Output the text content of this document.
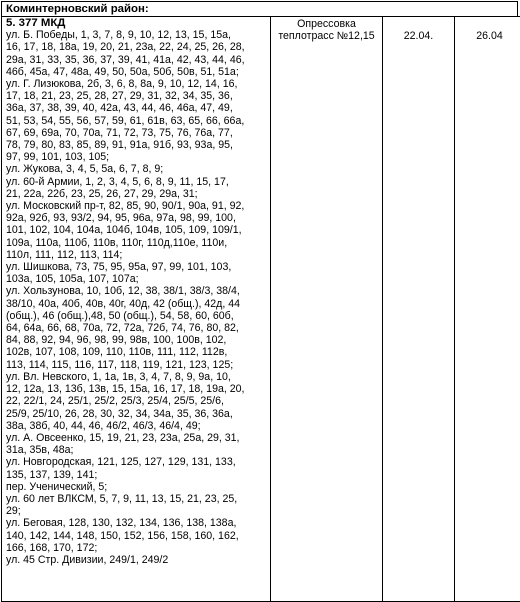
Коминтерновский район:
5. 377 МКД
ул. Б. Победы, 1, 3, 7, 8, 9, 10, 12, 13, 15, 15а,
16, 17, 18, 18а, 19, 20, 21, 23а, 22, 24, 25, 26, 28,
29а, 31, 33, 35, 36, 37, 39, 41, 41а, 42, 43, 44, 46,
46б, 45а, 47, 48а, 49, 50, 50а, 50б, 50в, 51, 51а;
ул. Г. Лизюкова, 2б, 3, 6, 8, 8а, 9, 10, 12, 14, 16,
17, 18, 21, 23, 25, 28, 27, 29, 31, 32, 34, 35, 36,
36а, 37, 38, 39, 40, 42а, 43, 44, 46, 46а, 47, 49,
51, 53, 54, 55, 56, 57, 59, 61, 61в, 63, 65, 66, 66а,
67, 69, 69а, 70, 70а, 71, 72, 73, 75, 76, 76а, 77,
78, 79, 80, 83, 85, 89, 91, 91а, 91б, 93, 93а, 95,
97, 99, 101, 103, 105;
ул. Жукова, 3, 4, 5, 5а, 6, 7, 8, 9;
ул. 60-й Армии, 1, 2, 3, 4, 5, 6, 8, 9, 11, 15, 17,
21, 22а, 22б, 23, 25, 26, 27, 29, 29а, 31;
ул. Московский пр-т, 82, 85, 90, 90/1, 90а, 91, 92,
92а, 92б, 93, 93/2, 94, 95, 96а, 97а, 98, 99, 100,
101, 102, 104, 104а, 104б, 104в, 105, 109, 109/1,
109а, 110а, 110б, 110в, 110г, 110д,110е, 110и,
110л, 111, 112, 113, 114;
ул. Шишкова, 73, 75, 95, 95а, 97, 99, 101, 103,
103а, 105, 105а, 107, 107а;
ул. Хользунова, 10, 10б, 12, 38, 38/1, 38/3, 38/4,
38/10, 40а, 40б, 40в, 40г, 40д, 42 (общ.), 42д, 44
(общ.), 46 (общ.),48, 50 (общ.), 54, 58, 60, 60б,
64, 64а, 66, 68, 70а, 72, 72а, 72б, 74, 76, 80, 82,
84, 88, 92, 94, 96, 98, 99, 98в, 100, 100в, 102,
102в, 107, 108, 109, 110, 110в, 111, 112, 112в,
113, 114, 115, 116, 117, 118, 119, 121, 123, 125;
ул. Вл. Невского, 1, 1а, 1в, 3, 4, 7, 8, 9, 9а, 10,
12, 12а, 13, 13б, 13в, 15, 15а, 16, 17, 18, 19а, 20,
22, 22/1, 24, 25/1, 25/2, 25/3, 25/4, 25/5, 25/6,
25/9, 25/10, 26, 28, 30, 32, 34, 34а, 35, 36, 36а,
38а, 38б, 40, 44, 46, 46/2, 46/3, 46/4, 49;
ул. А. Овсеенко, 15, 19, 21, 23, 23а, 25а, 29, 31,
31а, 35в, 48а;
ул. Новгородская, 121, 125, 127, 129, 131, 133,
135, 137, 139, 141;
пер. Ученический, 5;
ул. 60 лет ВЛКСМ, 5, 7, 9, 11, 13, 15, 21, 23, 25,
29;
ул. Беговая, 128, 130, 132, 134, 136, 138, 138а,
140, 142, 144, 148, 150, 152, 156, 158, 160, 162,
166, 168, 170, 172;
ул. 45 Стр. Дивизии, 249/1, 249/2

Опрессовка
теплотрасс №12,15	22.04.	26.04
